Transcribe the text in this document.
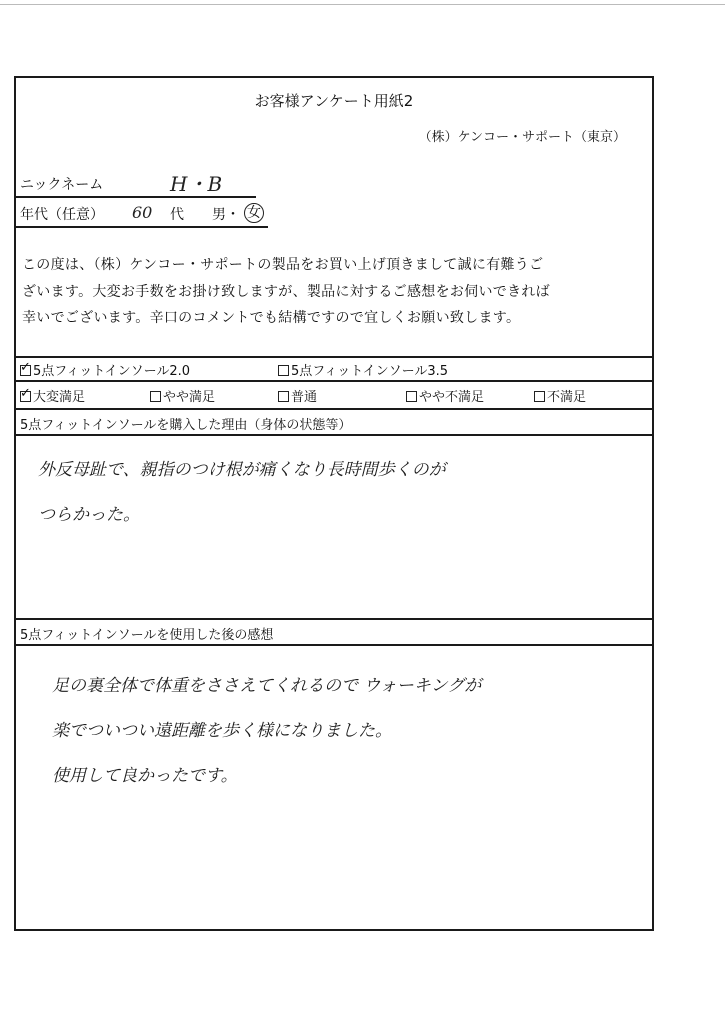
お客様アンケート用紙2
（株）ケンコー・サポート（東京）
ニックネーム	H・B
年代（任意） 60 代 男・ 女
この度は、（株）ケンコー・サポートの製品をお買い上げ頂きまして誠に有難うご
ざいます。大変お手数をお掛け致しますが、製品に対するご感想をお伺いできれば
幸いでございます。辛口のコメントでも結構ですので宜しくお願い致します。
✓5点フィットインソール2.0	5点フィットインソール3.5
✓大変満足	やや満足	普通	やや不満足	不満足
5点フィットインソールを購入した理由（身体の状態等）
外反母趾で、親指のつけ根が痛くなり長時間歩くのが
つらかった。
5点フィットインソールを使用した後の感想
足の裏全体で体重をささえてくれるので ウォーキングが
楽でついつい遠距離を歩く様になりました。
使用して良かったです。
